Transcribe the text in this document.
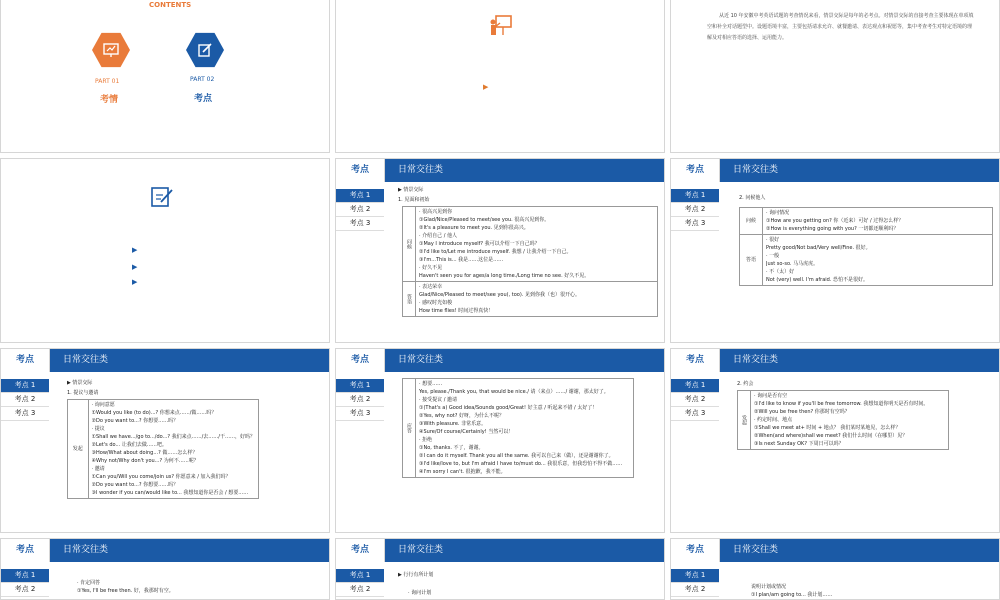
CONTENTS
PART 01
考情
PART 02
考点
▶
从近 10 年安徽中考英语试题的考查情况来看，情景交际是每年的必考点。对情景交际的直接考查主要体现在单项填空和补全对话题型中。设题语境丰富，主要包括请求允许、就餐邀请、表达观点和祝愿等，集中考查考生对特定语境的理解及对相应答语的选择、运用能力。
▶
▶
▶
考点	日常交往类
考点 1
考点 2
考点 3
▶ 情景交际
1. 见面和初始
问候
· 很高兴见到你
①Glad/Nice/Pleased to meet/see you. 很高兴见到你。
②It's a pleasure to meet you. 见到你很高兴。
· 介绍自己 / 他人
①May I introduce myself? 我可以介绍一下自己吗？
②I'd like to/Let me introduce myself. 我想 / 让我介绍一下自己。
③I'm...This is... 我是……这位是……
· 好久不见
Haven't seen you for ages/a long time./Long time no see. 好久不见。
答语
· 表达荣幸
Glad/Nice/Pleased to meet/see you(, too). 见到你我（也）很开心。
· 感叹时光如梭
How time flies! 时间过得真快！
考点	日常交往类
考点 1
考点 2
考点 3
2. 问候他人
问候
· 询问情况
①How are you getting on? 你（近来）可好 / 过得怎么样？
②How is everything going with you? 一切都还顺利吗？
答语
· 很好
Pretty good/Not bad/Very well/Fine. 很好。
· 一般
Just so-so. 马马虎虎。
· 不（太）好
Not (very) well. I'm afraid. 恐怕不是很好。
考点	日常交往类
考点 1
考点 2
考点 3
▶ 情景交际
1. 提议与邀请
发起
· 询问意愿
①Would you like (to do)...? 你想来点……/做……吗？
②Do you want to...? 你想要……吗？
· 提议
①Shall we have.../go to.../do...? 我们来点……/去……/干……，好吗？
②Let's do... 让我们去做……吧。
③How/What about doing...? 做……怎么样？
④Why not/Why don't you...? 为何不……呢？
· 邀请
①Can you/Will you come/join us? 你愿意来 / 加入我们吗？
②Do you want to...? 你想要……吗？
③I wonder if you can/would like to... 我想知道你是否会 / 想要……
考点	日常交往类
考点 1
考点 2
考点 3
应答
· 想要……
Yes, please./Thank you, that would be nice./ 请（来点）……/ 谢谢，那太好了。
· 接受提议 / 邀请
①(That's a) Good idea/Sounds good/Great! 好主意 / 听起来不错 / 太好了！
②Yes, why not? 好呀，为什么不呢？
③With pleasure. 非常乐意。
④Sure/Of course/Certainly! 当然可以！
· 拒绝
①No, thanks. 不了，谢谢。
②I can do it myself. Thank you all the same. 我可以自己来（做），还是谢谢你了。
③I'd like/love to, but I'm afraid I have to/must do... 我很乐意，但我恐怕不得不做……
④I'm sorry I can't. 很抱歉，我不能。
考点	日常交往类
考点 1
考点 2
考点 3
2. 约会
发起
· 询问是否有空
①I'd like to know if you'll be free tomorrow. 我想知道你明天是否有时间。
②Will you be free then? 你那时有空吗？
· 约定时间、地点
①Shall we meet at+ 时间 + 地点？ 我们某时某地见，怎么样？
②When(and where)shall we meet? 我们什么时间（在哪里）见？
③Is next Sunday OK? 下周日可以吗？
考点	日常交往类
考点 1
考点 2
· 肯定回答
①Yes, I'll be free then. 好，我那时有空。
考点	日常交往类
考点 1
考点 2
▶ 行行有所计划
· 询问计划
考点	日常交往类
考点 1
考点 2	说明计划或情况
①I plan/am going to... 我计划……
